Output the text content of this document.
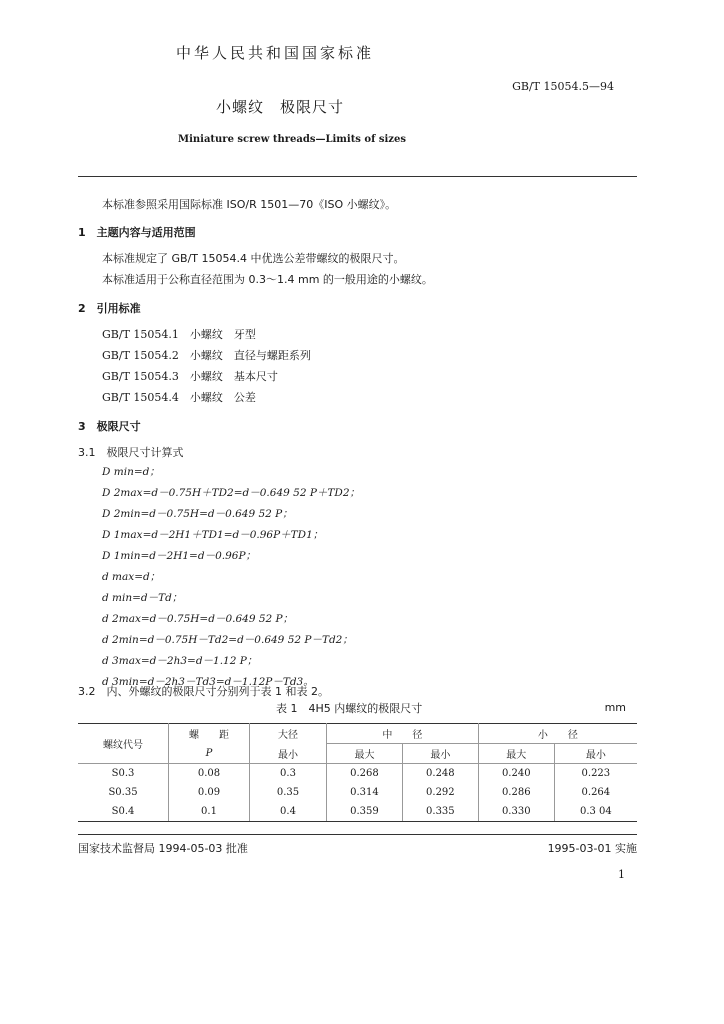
中华人民共和国国家标准
GB/T 15054.5—94
小螺纹　极限尺寸
Miniature screw threads—Limits of sizes
本标准参照采用国际标准 ISO/R 1501—70《ISO 小螺纹》。
1　主题内容与适用范围
本标准规定了 GB/T 15054.4 中优选公差带螺纹的极限尺寸。
本标准适用于公称直径范围为 0.3～1.4 mm 的一般用途的小螺纹。
2　引用标准
GB/T 15054.1　小螺纹　牙型
GB/T 15054.2　小螺纹　直径与螺距系列
GB/T 15054.3　小螺纹　基本尺寸
GB/T 15054.4　小螺纹　公差
3　极限尺寸
3.1　极限尺寸计算式
D min=d；
D 2max=d－0.75H＋TD2=d－0.649 52 P＋TD2；
D 2min=d－0.75H=d－0.649 52 P；
D 1max=d－2H1＋TD1=d－0.96P＋TD1；
D 1min=d－2H1=d－0.96P；
d max=d；
d min=d－Td；
d 2max=d－0.75H=d－0.649 52 P；
d 2min=d－0.75H－Td2=d－0.649 52 P－Td2；
d 3max=d－2h3=d－1.12 P；
d 3min=d－2h3－Td3=d－1.12P－Td3。
3.2　内、外螺纹的极限尺寸分别列于表 1 和表 2。
表 1　4H5 内螺纹的极限尺寸	mm
螺纹代号	螺　　距	大径	中　　径		小　　径	
	P	最小	最大	最小	最大	最小
S0.3	0.08	0.3	0.268	0.248	0.240	0.223
S0.35	0.09	0.35	0.314	0.292	0.286	0.264
S0.4	0.1	0.4	0.359	0.335	0.330	0.3 04
国家技术监督局 1994-05-03 批准	1995-03-01 实施
1
